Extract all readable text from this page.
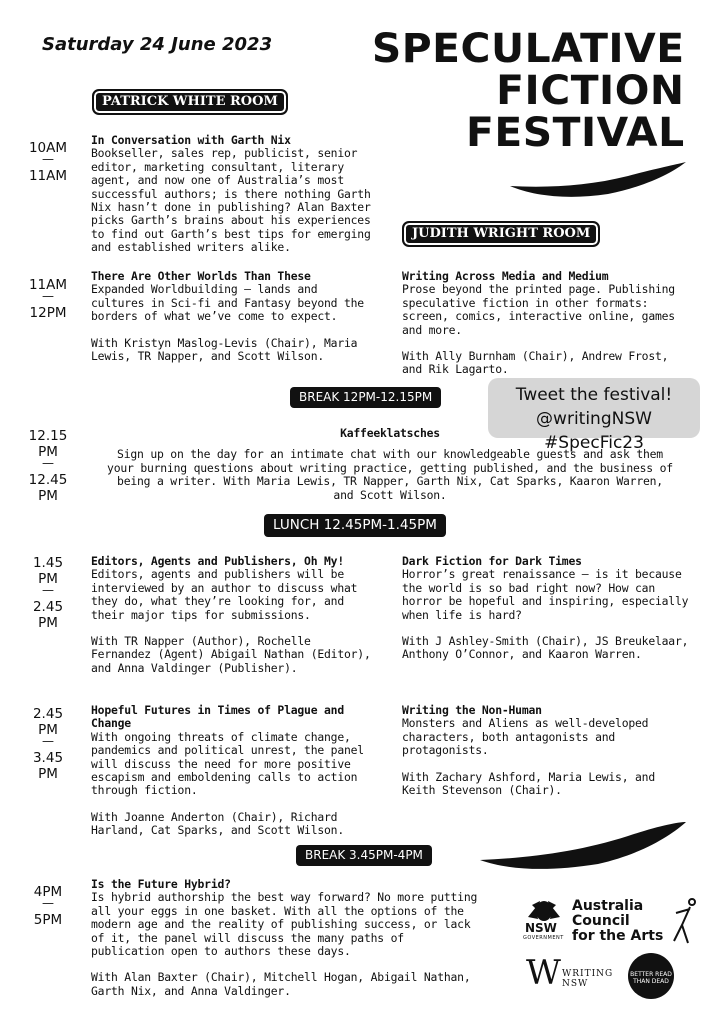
Saturday 24 June 2023	SPECULATIVE
FICTION
FESTIVAL
PATRICK WHITE ROOM
JUDITH WRIGHT ROOM
10AM
—
11AM
11AM
—
12PM
12.15 PM
—
12.45 PM
1.45 PM
—
2.45 PM
2.45 PM
—
3.45 PM
4PM
—
5PM
In Conversation with Garth Nix
Bookseller, sales rep, publicist, senior editor, marketing consultant, literary agent, and now one of Australia’s most successful authors; is there nothing Garth Nix hasn’t done in publishing? Alan Baxter picks Garth’s brains about his experiences to find out Garth’s best tips for emerging and established writers alike.
There Are Other Worlds Than These
Expanded Worldbuilding – lands and cultures in Sci-fi and Fantasy beyond the borders of what we’ve come to expect.
With Kristyn Maslog-Levis (Chair), Maria Lewis, TR Napper, and Scott Wilson.
Writing Across Media and Medium
Prose beyond the printed page. Publishing speculative fiction in other formats: screen, comics, interactive online, games and more.
With Ally Burnham (Chair), Andrew Frost, and Rik Lagarto.
BREAK 12PM-12.15PM	Tweet the festival!
@writingNSW #SpecFic23
Kaffeeklatsches
Sign up on the day for an intimate chat with our knowledgeable guests and ask them your burning questions about writing practice, getting published, and the business of being a writer. With Maria Lewis, TR Napper, Garth Nix, Cat Sparks, Kaaron Warren, and Scott Wilson.
LUNCH 12.45PM-1.45PM
Editors, Agents and Publishers, Oh My!
Editors, agents and publishers will be interviewed by an author to discuss what they do, what they’re looking for, and their major tips for submissions.
With TR Napper (Author), Rochelle Fernandez (Agent) Abigail Nathan (Editor), and Anna Valdinger (Publisher).
Dark Fiction for Dark Times
Horror’s great renaissance – is it because the world is so bad right now? How can horror be hopeful and inspiring, especially when life is hard?
With J Ashley-Smith (Chair), JS Breukelaar, Anthony O’Connor, and Kaaron Warren.
Hopeful Futures in Times of Plague and Change
With ongoing threats of climate change, pandemics and political unrest, the panel will discuss the need for more positive escapism and emboldening calls to action through fiction.
With Joanne Anderton (Chair), Richard Harland, Cat Sparks, and Scott Wilson.
Writing the Non-Human
Monsters and Aliens as well-developed characters, both antagonists and protagonists.
With Zachary Ashford, Maria Lewis, and Keith Stevenson (Chair).
BREAK 3.45PM-4PM
Is the Future Hybrid?
Is hybrid authorship the best way forward? No more putting all your eggs in one basket. With all the options of the modern age and the reality of publishing success, or lack of it, the panel will discuss the many paths of publication open to authors these days.
With Alan Baxter (Chair), Mitchell Hogan, Abigail Nathan, Garth Nix, and Anna Valdinger.
NSW
GOVERNMENT
Australia
Council
for the Arts
W WRITING
NSW
BETTER READ THAN DEAD
